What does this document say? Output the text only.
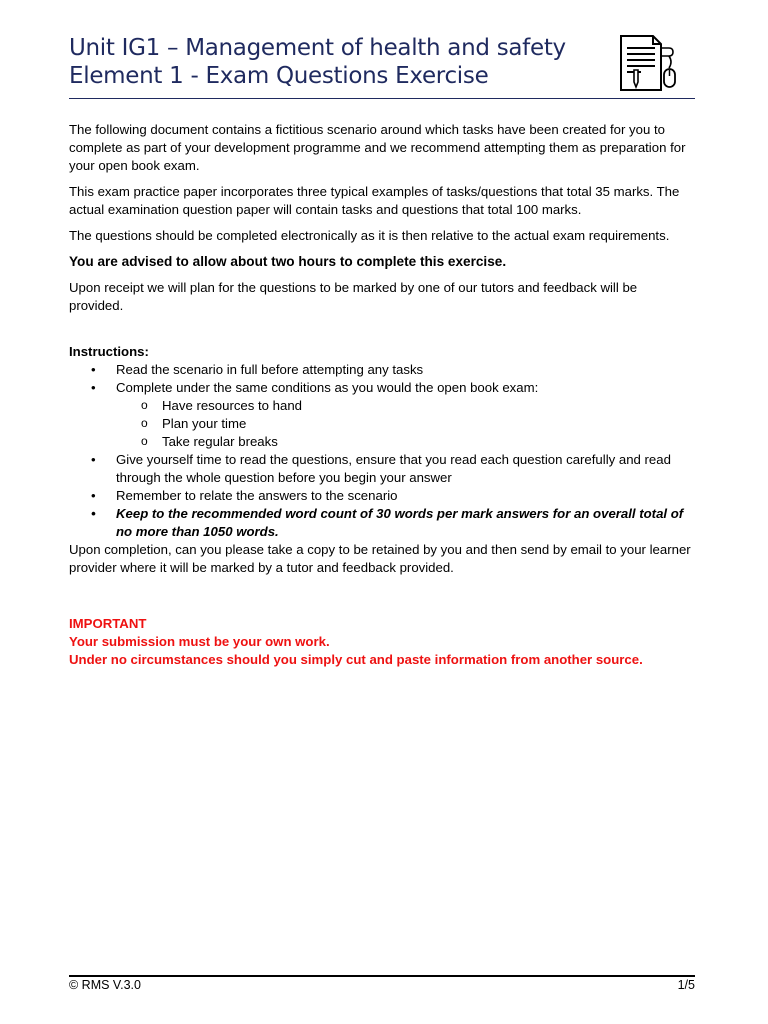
Unit IG1 – Management of health and safety
Element 1 - Exam Questions Exercise

The following document contains a fictitious scenario around which tasks have been created for you to complete as part of your development programme and we recommend attempting them as preparation for your open book exam.

This exam practice paper incorporates three typical examples of tasks/questions that total 35 marks. The actual examination question paper will contain tasks and questions that total 100 marks.

The questions should be completed electronically as it is then relative to the actual exam requirements.

You are advised to allow about two hours to complete this exercise.

Upon receipt we will plan for the questions to be marked by one of our tutors and feedback will be provided.

Instructions:
• Read the scenario in full before attempting any tasks
• Complete under the same conditions as you would the open book exam:
o Have resources to hand
o Plan your time
o Take regular breaks
• Give yourself time to read the questions, ensure that you read each question carefully and read through the whole question before you begin your answer
• Remember to relate the answers to the scenario
• Keep to the recommended word count of 30 words per mark answers for an overall total of no more than 1050 words.

Upon completion, can you please take a copy to be retained by you and then send by email to your learner provider where it will be marked by a tutor and feedback provided.

IMPORTANT
Your submission must be your own work.
Under no circumstances should you simply cut and paste information from another source.
© RMS V.3.0	1/5
